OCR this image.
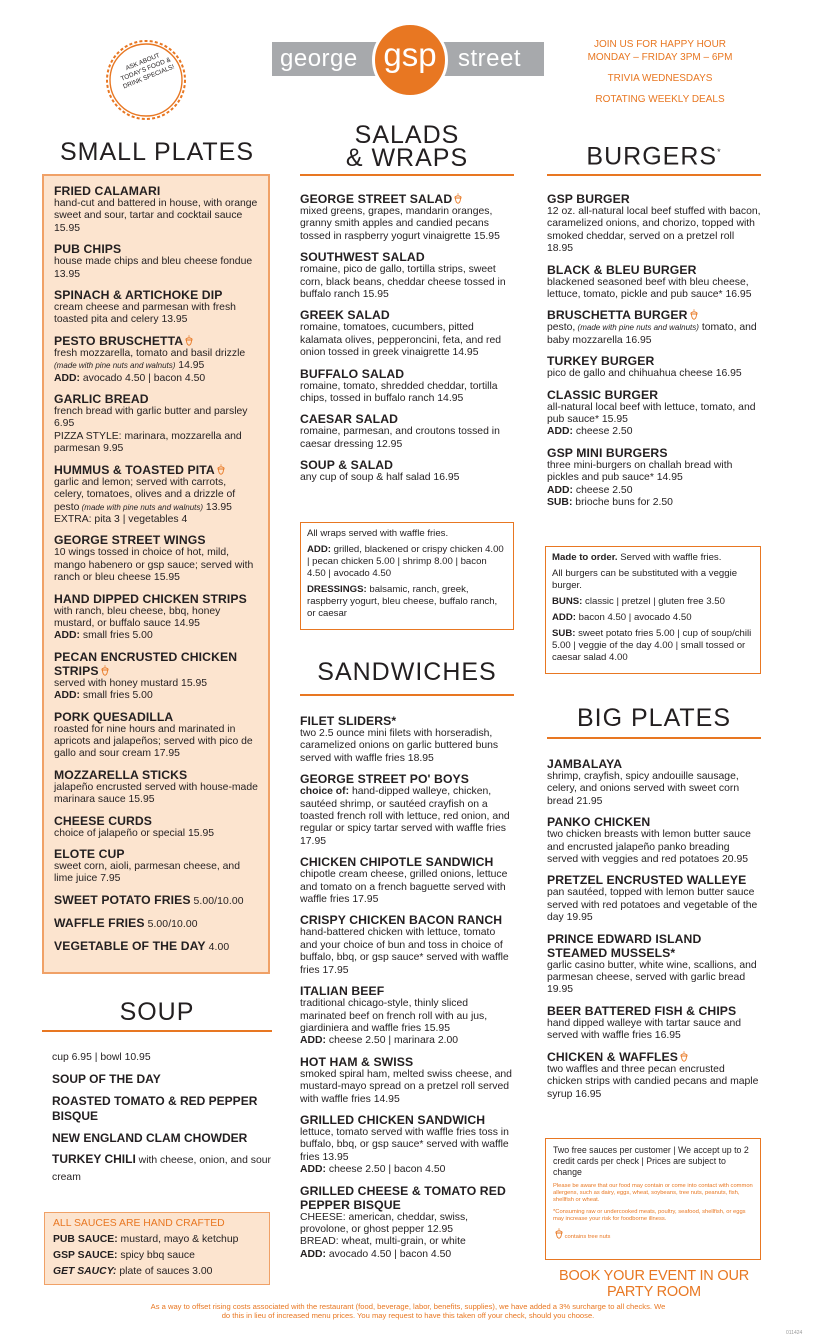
ASK ABOUT TODAY'S FOOD & DRINK SPECIALS!
george gsp street
JOIN US FOR HAPPY HOUR
MONDAY – FRIDAY 3PM – 6PM
TRIVIA WEDNESDAYS
ROTATING WEEKLY DEALS
SMALL PLATES
SALADS
& WRAPS	BURGERS*
SANDWICHES
BIG PLATES
SOUP
FRIED CALAMARI
hand-cut and battered in house, with orange sweet and sour, tartar and cocktail sauce 15.95
PUB CHIPS
house made chips and bleu cheese fondue 13.95
SPINACH & ARTICHOKE DIP
cream cheese and parmesan with fresh toasted pita and celery 13.95
PESTO BRUSCHETTA
fresh mozzarella, tomato and basil drizzle (made with pine nuts and walnuts) 14.95
ADD: avocado 4.50 | bacon 4.50
GARLIC BREAD
french bread with garlic butter and parsley 6.95
PIZZA STYLE: marinara, mozzarella and parmesan 9.95
HUMMUS & TOASTED PITA
garlic and lemon; served with carrots, celery, tomatoes, olives and a drizzle of pesto (made with pine nuts and walnuts) 13.95
EXTRA: pita 3 | vegetables 4
GEORGE STREET WINGS
10 wings tossed in choice of hot, mild, mango habenero or gsp sauce; served with ranch or bleu cheese 15.95
HAND DIPPED CHICKEN STRIPS
with ranch, bleu cheese, bbq, honey mustard, or buffalo sauce 14.95
ADD: small fries 5.00
PECAN ENCRUSTED CHICKEN STRIPS
served with honey mustard 15.95
ADD: small fries 5.00
PORK QUESADILLA
roasted for nine hours and marinated in apricots and jalapeños; served with pico de gallo and sour cream 17.95
MOZZARELLA STICKS
jalapeño encrusted served with house-made marinara sauce 15.95
CHEESE CURDS
choice of jalapeño or special 15.95
ELOTE CUP
sweet corn, aioli, parmesan cheese, and lime juice 7.95
SWEET POTATO FRIES 5.00/10.00
WAFFLE FRIES 5.00/10.00
VEGETABLE OF THE DAY 4.00
GEORGE STREET SALAD
mixed greens, grapes, mandarin oranges, granny smith apples and candied pecans tossed in raspberry yogurt vinaigrette 15.95
SOUTHWEST SALAD
romaine, pico de gallo, tortilla strips, sweet corn, black beans, cheddar cheese tossed in buffalo ranch 15.95
GREEK SALAD
romaine, tomatoes, cucumbers, pitted kalamata olives, pepperoncini, feta, and red onion tossed in greek vinaigrette 14.95
BUFFALO SALAD
romaine, tomato, shredded cheddar, tortilla chips, tossed in buffalo ranch 14.95
CAESAR SALAD
romaine, parmesan, and croutons tossed in caesar dressing 12.95
SOUP & SALAD
any cup of soup & half salad 16.95

All wraps served with waffle fries.

ADD: grilled, blackened or crispy chicken 4.00 | pecan chicken 5.00 | shrimp 8.00 | bacon 4.50 | avocado 4.50

DRESSINGS: balsamic, ranch, greek, raspberry yogurt, bleu cheese, buffalo ranch, or caesar

GSP BURGER
12 oz. all-natural local beef stuffed with bacon, caramelized onions, and chorizo, topped with smoked cheddar, served on a pretzel roll 18.95
BLACK & BLEU BURGER
blackened seasoned beef with bleu cheese, lettuce, tomato, pickle and pub sauce* 16.95
BRUSCHETTA BURGER
pesto, (made with pine nuts and walnuts) tomato, and baby mozzarella 16.95
TURKEY BURGER
pico de gallo and chihuahua cheese 16.95
CLASSIC BURGER
all-natural local beef with lettuce, tomato, and pub sauce* 15.95
ADD: cheese 2.50
GSP MINI BURGERS
three mini-burgers on challah bread with pickles and pub sauce* 14.95
ADD: cheese 2.50
SUB: brioche buns for 2.50

Made to order. Served with waffle fries.

All burgers can be substituted with a veggie burger.

BUNS: classic | pretzel | gluten free 3.50

ADD: bacon 4.50 | avocado 4.50

SUB: sweet potato fries 5.00 | cup of soup/chili 5.00 | veggie of the day 4.00 | small tossed or caesar salad 4.00

FILET SLIDERS*
two 2.5 ounce mini filets with horseradish, caramelized onions on garlic buttered buns served with waffle fries 18.95
GEORGE STREET PO' BOYS
choice of: hand-dipped walleye, chicken, sautéed shrimp, or sautéed crayfish on a toasted french roll with lettuce, red onion, and regular or spicy tartar served with waffle fries 17.95
CHICKEN CHIPOTLE SANDWICH
chipotle cream cheese, grilled onions, lettuce and tomato on a french baguette served with waffle fries 17.95
CRISPY CHICKEN BACON RANCH
hand-battered chicken with lettuce, tomato and your choice of bun and toss in choice of buffalo, bbq, or gsp sauce* served with waffle fries 17.95
ITALIAN BEEF
traditional chicago-style, thinly sliced marinated beef on french roll with au jus, giardiniera and waffle fries 15.95
ADD: cheese 2.50 | marinara 2.00
HOT HAM & SWISS
smoked spiral ham, melted swiss cheese, and mustard-mayo spread on a pretzel roll served with waffle fries 14.95
GRILLED CHICKEN SANDWICH
lettuce, tomato served with waffle fries toss in buffalo, bbq, or gsp sauce* served with waffle fries 13.95
ADD: cheese 2.50 | bacon 4.50
GRILLED CHEESE & TOMATO RED PEPPER BISQUE
CHEESE: american, cheddar, swiss, provolone, or ghost pepper 12.95
BREAD: wheat, multi-grain, or white
ADD: avocado 4.50 | bacon 4.50
JAMBALAYA
shrimp, crayfish, spicy andouille sausage, celery, and onions served with sweet corn bread 21.95
PANKO CHICKEN
two chicken breasts with lemon butter sauce and encrusted jalapeño panko breading served with veggies and red potatoes 20.95
PRETZEL ENCRUSTED WALLEYE
pan sautéed, topped with lemon butter sauce served with red potatoes and vegetable of the day 19.95
PRINCE EDWARD ISLAND STEAMED MUSSELS*
garlic casino butter, white wine, scallions, and parmesan cheese, served with garlic bread 19.95
BEER BATTERED FISH & CHIPS
hand dipped walleye with tartar sauce and served with waffle fries 16.95
CHICKEN & WAFFLES
two waffles and three pecan encrusted chicken strips with candied pecans and maple syrup 16.95

Two free sauces per customer | We accept up to 2 credit cards per check | Prices are subject to change

Please be aware that our food may contain or come into contact with common allergens, such as dairy, eggs, wheat, soybeans, tree nuts, peanuts, fish, shellfish or wheat.

*Consuming raw or undercooked meats, poultry, seafood, shellfish, or eggs may increase your risk for foodborne illness.

contains tree nuts

cup 6.95 | bowl 10.95
SOUP OF THE DAY
ROASTED TOMATO & RED PEPPER BISQUE
NEW ENGLAND CLAM CHOWDER
TURKEY CHILI with cheese, onion, and sour cream
ALL SAUCES ARE HAND CRAFTED
PUB SAUCE: mustard, mayo & ketchup
GSP SAUCE: spicy bbq sauce
GET SAUCY: plate of sauces 3.00	BOOK YOUR EVENT IN OUR PARTY ROOM
As a way to offset rising costs associated with the restaurant (food, beverage, labor, benefits, supplies), we have added a 3% surcharge to all checks. We do this in lieu of increased menu prices. You may request to have this taken off your check, should you choose.
011424
